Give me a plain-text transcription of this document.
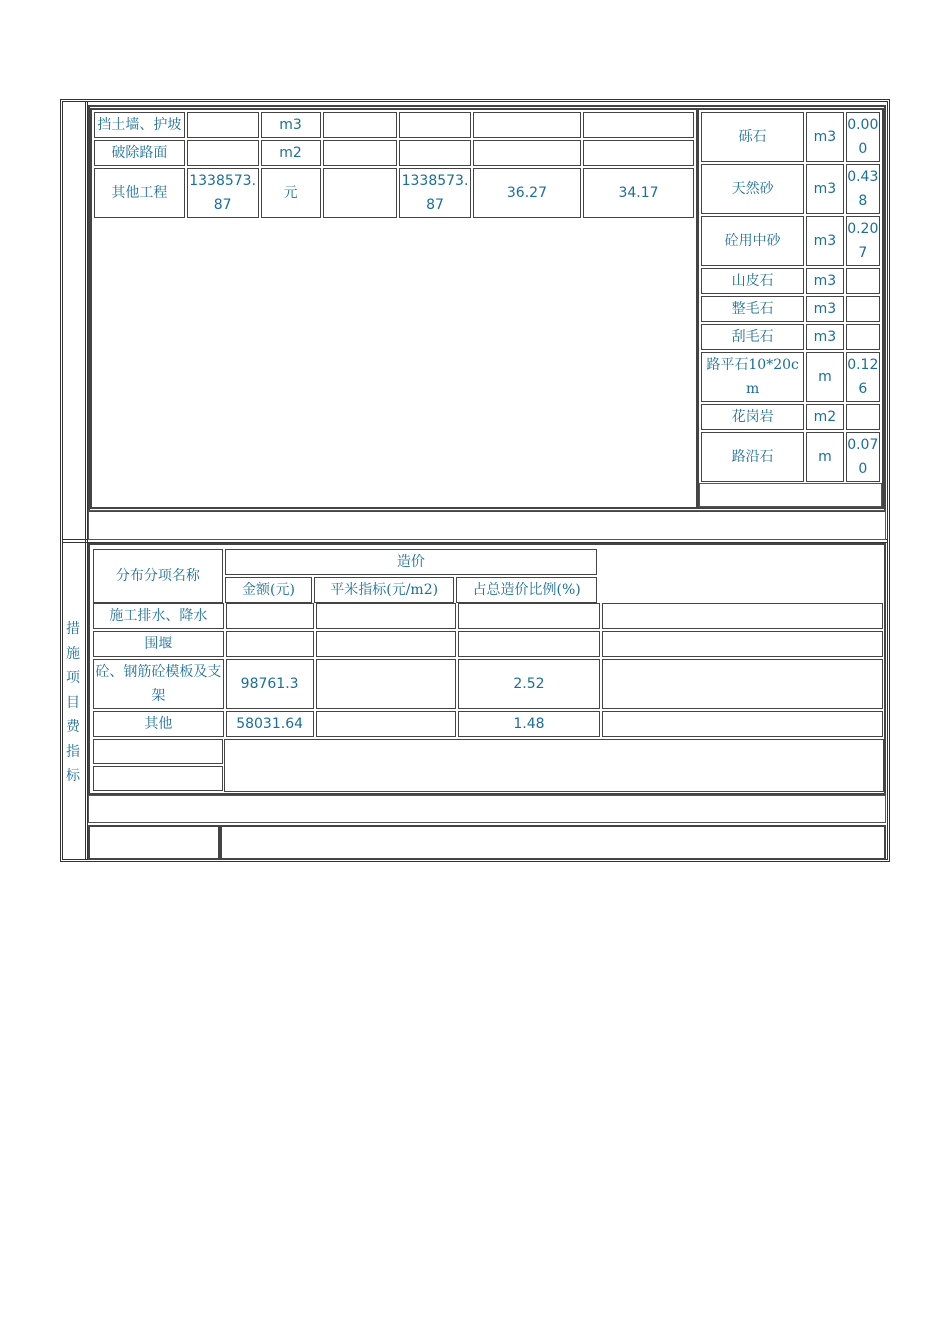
挡土墙、护坡		m3				
破除路面		m2				
其他工程	1338573.87	元		1338573.87	36.27	34.17

砾石	m3	0.000
天然砂	m3	0.438
砼用中砂	m3	0.207
山皮石	m3	
整毛石	m3	
刮毛石	m3	
路平石10*20cm	m	0.126
花岗岩	m2	
路沿石	m	0.070
措
施
项
目
费
指
标
分布分项名称	造价		
	金额(元)	平米指标(元/m2)	占总造价比例(%)
施工排水、降水				
围堰				
砼、钢筋砼模板及支架	98761.3		2.52	
其他	58031.64		1.48	
